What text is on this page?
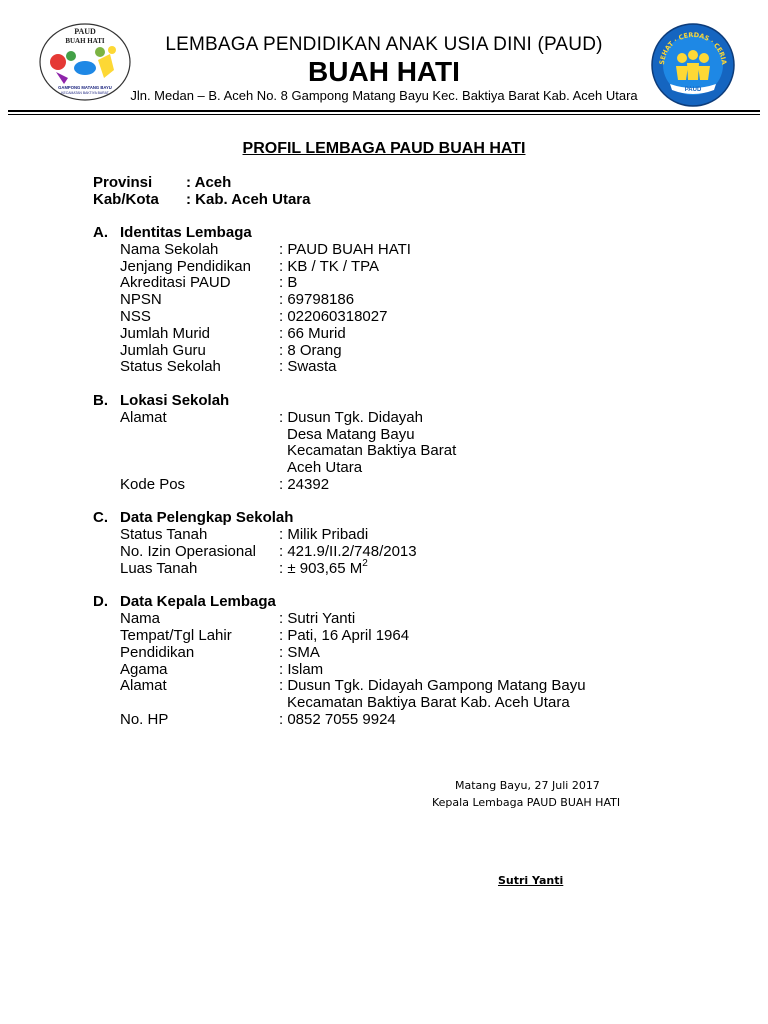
PAUD
BUAH HATI
GAMPONG MATANG BAYU
KECAMATAN BAKTIYA BARAT
SEHAT · CERDAS · CERIA
PAUD
LEMBAGA PENDIDIKAN ANAK USIA DINI (PAUD)
BUAH HATI
Jln. Medan – B. Aceh No. 8 Gampong Matang Bayu Kec. Baktiya Barat Kab. Aceh Utara
PROFIL LEMBAGA PAUD BUAH HATI
Provinsi : Aceh
Kab/Kota : Kab. Aceh Utara
A. Identitas Lembaga
Nama Sekolah	: PAUD BUAH HATI
Jenjang Pendidikan : KB / TK / TPA
Akreditasi PAUD	: B
NPSN	: 69798186
NSS	: 022060318027
Jumlah Murid	: 66 Murid
Jumlah Guru	: 8 Orang
Status Sekolah	: Swasta
B. Lokasi Sekolah
Alamat	: Dusun Tgk. Didayah
Desa Matang Bayu
Kecamatan Baktiya Barat
Aceh Utara
Kode Pos	: 24392
C. Data Pelengkap Sekolah
Status Tanah	: Milik Pribadi
No. Izin Operasional : 421.9/II.2/748/2013
Luas Tanah	: ± 903,65 $M^2$
D. Data Kepala Lembaga
Nama	: Sutri Yanti
Tempat/Tgl Lahir	: Pati, 16 April 1964
Pendidikan	: SMA
Agama	: Islam
Alamat	: Dusun Tgk. Didayah Gampong Matang Bayu
Kecamatan Baktiya Barat Kab. Aceh Utara
No. HP	: 0852 7055 9924
Matang Bayu, 27 Juli 2017
Kepala Lembaga PAUD BUAH HATI
Sutri Yanti
